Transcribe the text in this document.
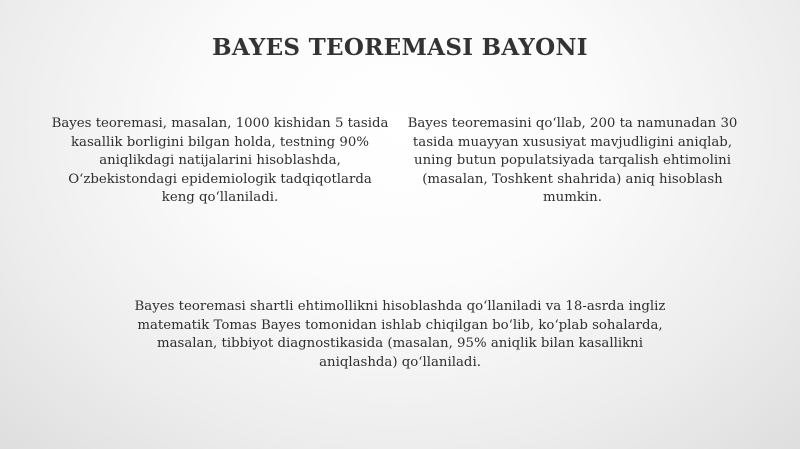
BAYES TEOREMASI BAYONI

Bayes teoremasi, masalan, 1000 kishidan 5 tasida kasallik borligini bilgan holda, testning 90% aniqlikdagi natijalarini hisoblashda, O‘zbekistondagi epidemiologik tadqiqotlarda keng qo‘llaniladi.

Bayes teoremasini qo‘llab, 200 ta namunadan 30 tasida muayyan xususiyat mavjudligini aniqlab, uning butun populatsiyada tarqalish ehtimolini (masalan, Toshkent shahrida) aniq hisoblash mumkin.

Bayes teoremasi shartli ehtimollikni hisoblashda qo‘llaniladi va 18-asrda ingliz matematik Tomas Bayes tomonidan ishlab chiqilgan bo‘lib, ko‘plab sohalarda, masalan, tibbiyot diagnostikasida (masalan, 95% aniqlik bilan kasallikni aniqlashda) qo‘llaniladi.
